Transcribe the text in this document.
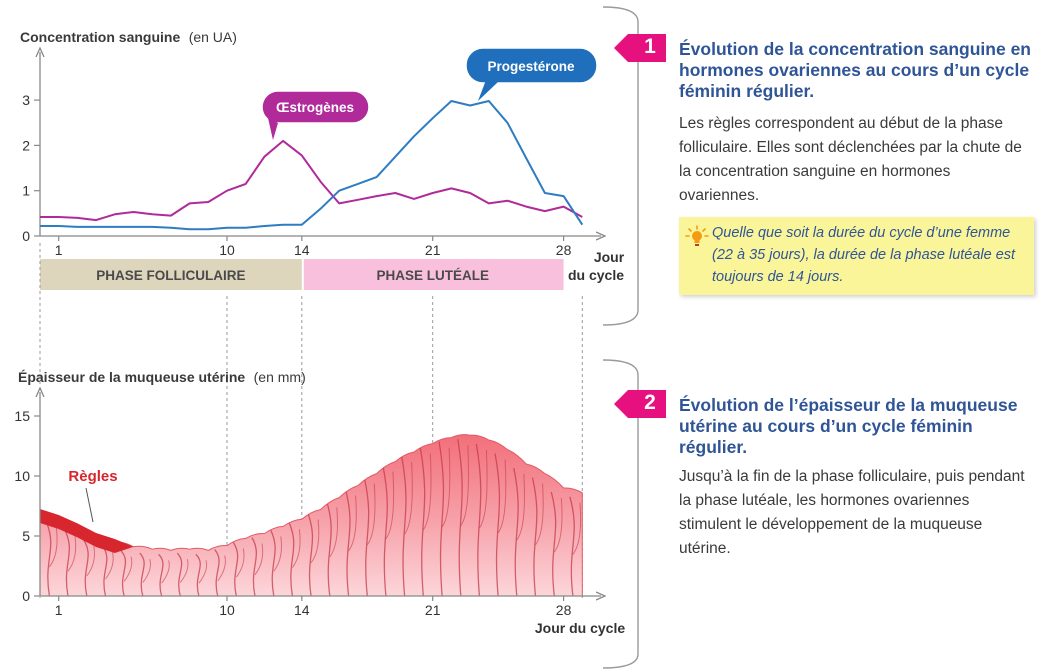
Concentration sanguine (en UA)
0
1
2
3
1	10	14	21	28 Jour
du cycle
PHASE FOLLICULAIRE	PHASE LUTÉALE
Œstrogènes
Progestérone
Épaisseur de la muqueuse utérine (en mm)
0
5
10
15
1	10	14	21	28
Jour du cycle
Règles
1	Évolution de la concentration sanguine en hormones ovariennes au cours d’un cycle féminin régulier.
Les règles correspondent au début de la phase folliculaire. Elles sont déclenchées par la chute de la concentration sanguine en hormones ovariennes.
Quelle que soit la durée du cycle d’une femme (22 à 35 jours), la durée de la phase lutéale est toujours de 14 jours.
2	Évolution de l’épaisseur de la muqueuse utérine au cours d’un cycle féminin régulier.
Jusqu’à la fin de la phase folliculaire, puis pendant la phase lutéale, les hormones ovariennes stimulent le développement de la muqueuse utérine.
